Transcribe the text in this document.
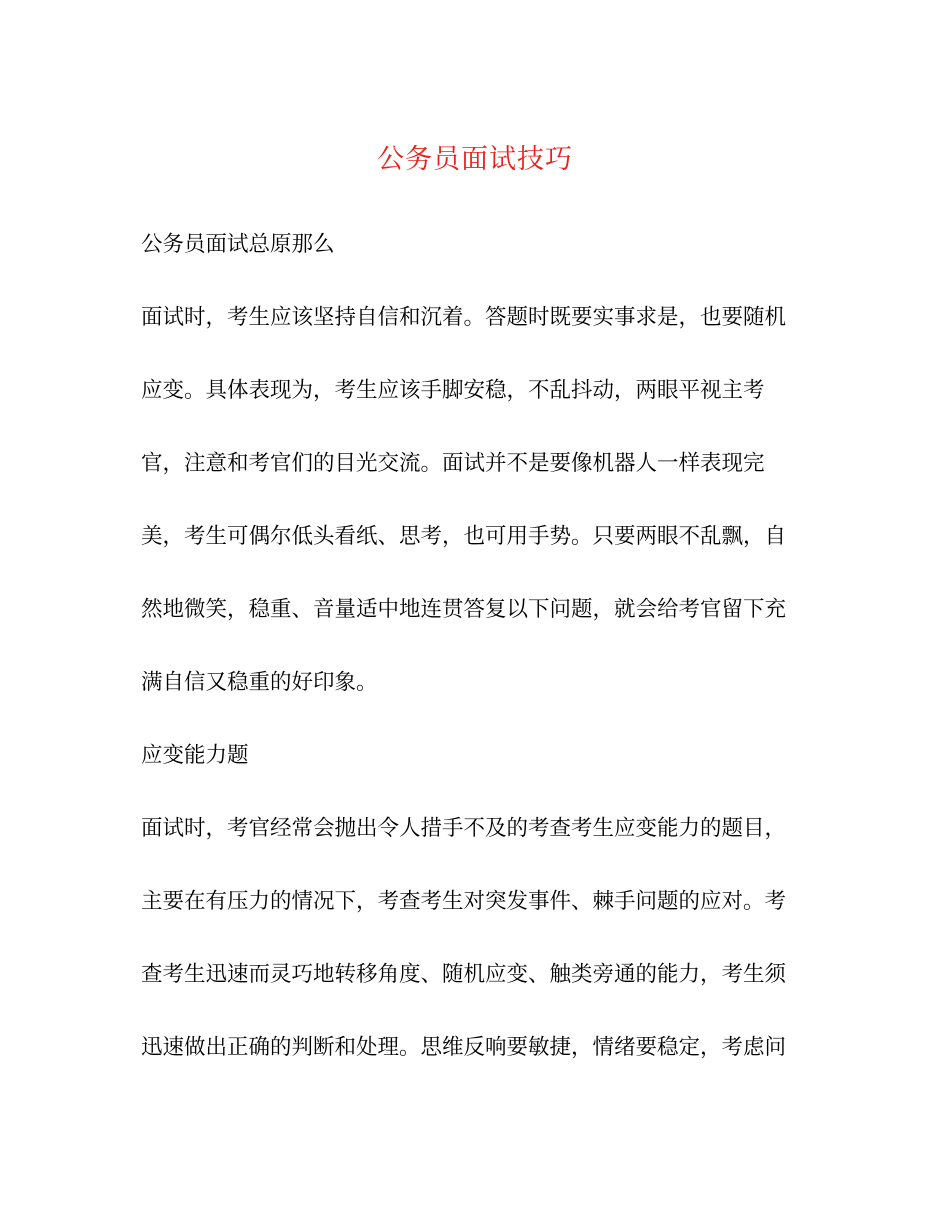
公务员面试技巧
公务员面试总原那么
面试时，考生应该坚持自信和沉着。答题时既要实事求是，也要随机
应变。具体表现为，考生应该手脚安稳，不乱抖动，两眼平视主考
官，注意和考官们的目光交流。面试并不是要像机器人一样表现完
美，考生可偶尔低头看纸、思考，也可用手势。只要两眼不乱飘，自
然地微笑，稳重、音量适中地连贯答复以下问题，就会给考官留下充
满自信又稳重的好印象。
应变能力题
面试时，考官经常会抛出令人措手不及的考查考生应变能力的题目，
主要在有压力的情况下，考查考生对突发事件、棘手问题的应对。考
查考生迅速而灵巧地转移角度、随机应变、触类旁通的能力，考生须
迅速做出正确的判断和处理。思维反响要敏捷，情绪要稳定，考虑问
